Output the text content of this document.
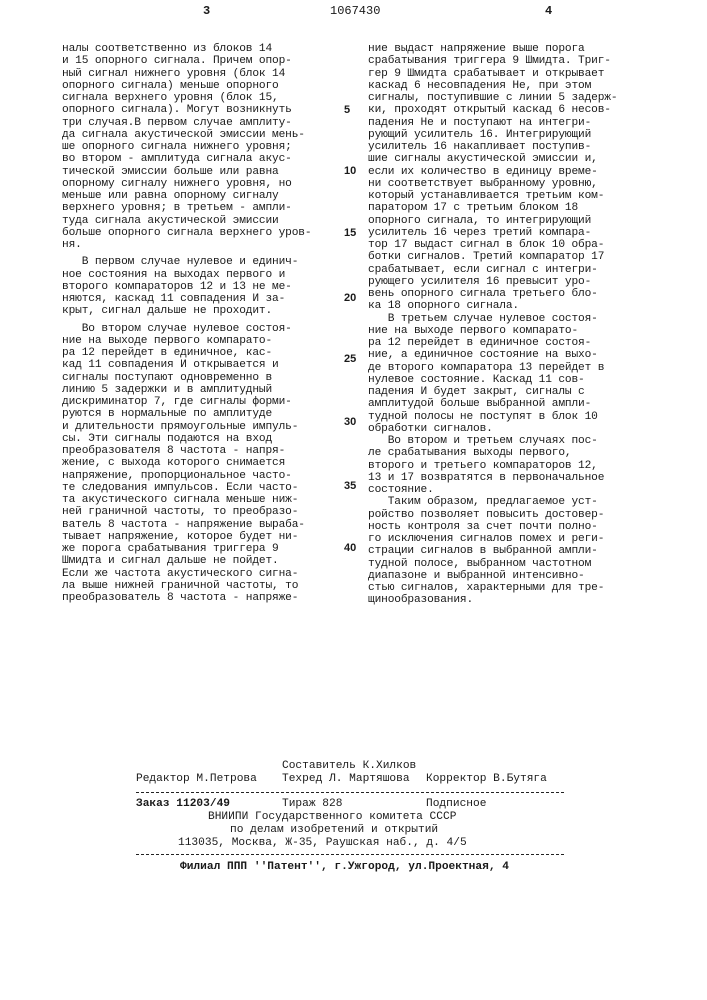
3	1067430	4
налы соответственно из блоков 14
и 15 опорного сигнала. Причем опор-
ный сигнал нижнего уровня (блок 14
опорного сигнала) меньше опорного
сигнала верхнего уровня (блок 15,
опорного сигнала). Могут возникнуть
три случая.В первом случае амплиту-
да сигнала акустической эмиссии мень-
ше опорного сигнала нижнего уровня;
во втором - амплитуда сигнала акус-
тической эмиссии больше или равна
опорному сигналу нижнего уровня, но
меньше или равна опорному сигналу
верхнего уровня; в третьем - ампли-
туда сигнала акустической эмиссии
больше опорного сигнала верхнего уров-
ня.
В первом случае нулевое и единич-
ное состояния на выходах первого и
второго компараторов 12 и 13 не ме-
няются, каскад 11 совпадения И за-
крыт, сигнал дальше не проходит.
Во втором случае нулевое состоя-
ние на выходе первого компарато-
ра 12 перейдет в единичное, кас-
кад 11 совпадения И открывается и
сигналы поступают одновременно в
линию 5 задержки и в амплитудный
дискриминатор 7, где сигналы форми-
руются в нормальные по амплитуде
и длительности прямоугольные импуль-
сы. Эти сигналы подаются на вход
преобразователя 8 частота - напря-
жение, с выхода которого снимается
напряжение, пропорциональное часто-
те следования импульсов. Если часто-
та акустического сигнала меньше ниж-
ней граничной частоты, то преобразо-
ватель 8 частота - напряжение выраба-
тывает напряжение, которое будет ни-
же порога срабатывания триггера 9
Шмидта и сигнал дальше не пойдет.
Если же частота акустического сигна-
ла выше нижней граничной частоты, то
преобразователь 8 частота - напряже-
ние выдаст напряжение выше порога
срабатывания триггера 9 Шмидта. Триг-
гер 9 Шмидта срабатывает и открывает
каскад 6 несовпадения Не, при этом
сигналы, поступившие с линии 5 задерж-
ки, проходят открытый каскад 6 несов-
падения Не и поступают на интегри-
рующий усилитель 16. Интегрирующий
усилитель 16 накапливает поступив-
шие сигналы акустической эмиссии и,
если их количество в единицу време-
ни соответствует выбранному уровню,
который устанавливается третьим ком-
паратором 17 с третьим блоком 18
опорного сигнала, то интегрирующий
усилитель 16 через третий компара-
тор 17 выдаст сигнал в блок 10 обра-
ботки сигналов. Третий компаратор 17
срабатывает, если сигнал с интегри-
рующего усилителя 16 превысит уро-
вень опорного сигнала третьего бло-
ка 18 опорного сигнала.
В третьем случае нулевое состоя-
ние на выходе первого компарато-
ра 12 перейдет в единичное состоя-
ние, а единичное состояние на выхо-
де второго компаратора 13 перейдет в
нулевое состояние. Каскад 11 сов-
падения И будет закрыт, сигналы с
амплитудой больше выбранной ампли-
тудной полосы не поступят в блок 10
обработки сигналов.
Во втором и третьем случаях пос-
ле срабатывания выходы первого,
второго и третьего компараторов 12,
13 и 17 возвратятся в первоначальное
состояние.
Таким образом, предлагаемое уст-
ройство позволяет повысить достовер-
ность контроля за счет почти полно-
го исключения сигналов помех и реги-
страции сигналов в выбранной ампли-
тудной полосе, выбранном частотном
диапазоне и выбранной интенсивно-
стью сигналов, характерными для тре-
щинообразования.
5
10
15
20
25
30
35
40
Составитель К.Хилков
Редактор М.Петрова Техред Л. Мартяшова Корректор В.Бутяга
Заказ 11203/49	Тираж 828	Подписное
ВНИИПИ Государственного комитета СССР
по делам изобретений и открытий
113035, Москва, Ж-35, Раушская наб., д. 4/5
Филиал ППП ''Патент'', г.Ужгород, ул.Проектная, 4
